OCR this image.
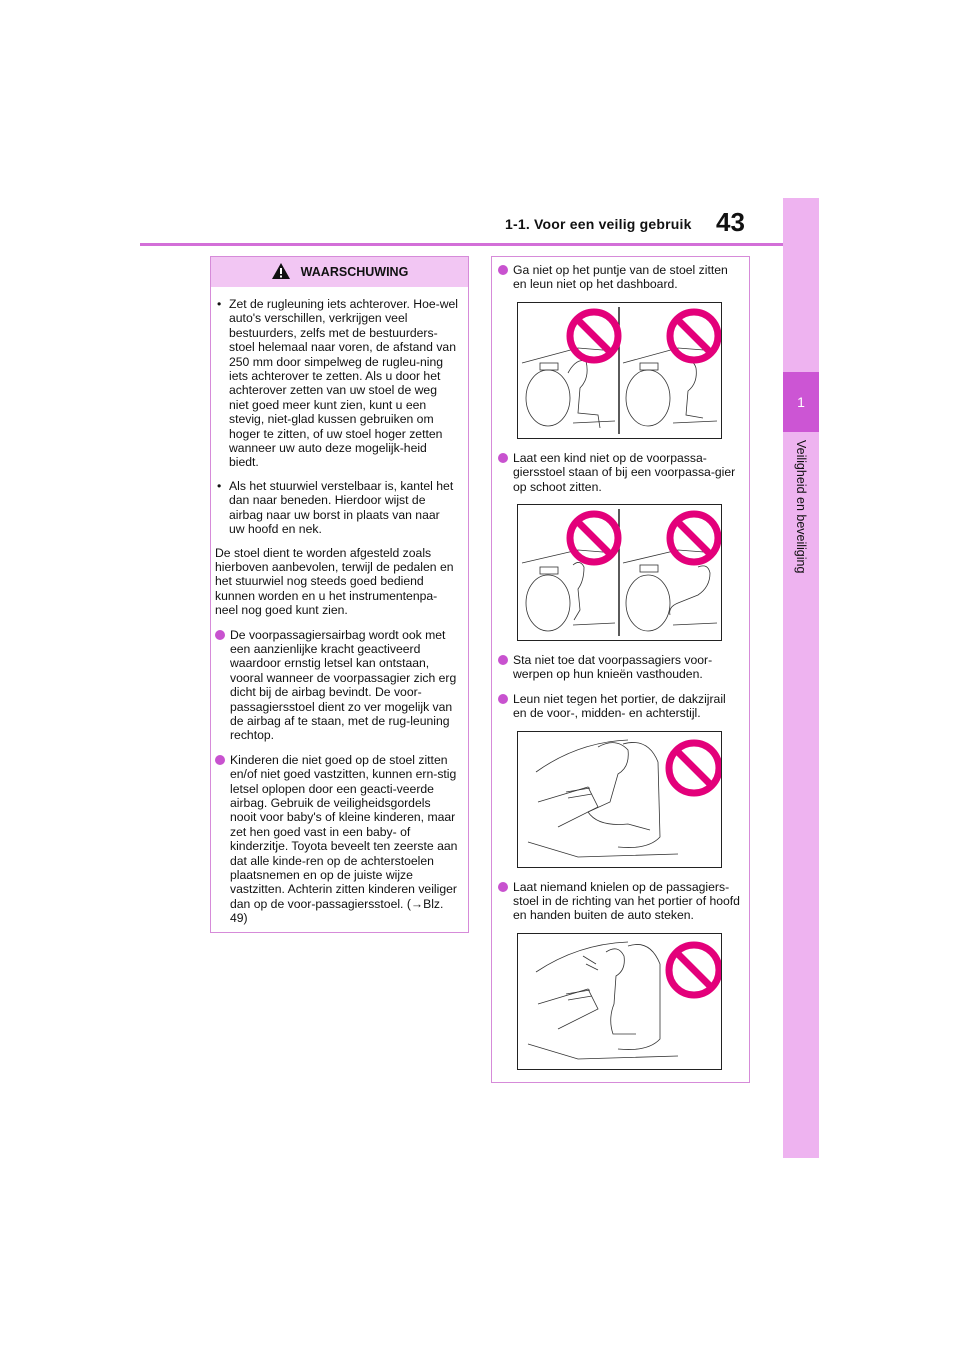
1-1. Voor een veilig gebruik 43
1
Veiligheid en beveiliging
WAARSCHUWING
• Zet de rugleuning iets achterover. Hoe-wel auto's verschillen, verkrijgen veel bestuurders, zelfs met de bestuurders-stoel helemaal naar voren, de afstand van 250 mm door simpelweg de rugleu-ning iets achterover te zetten. Als u door het achterover zetten van uw stoel de weg niet goed meer kunt zien, kunt u een stevig, niet-glad kussen gebruiken om hoger te zitten, of uw stoel hoger zetten wanneer uw auto deze mogelijk-heid biedt.
• Als het stuurwiel verstelbaar is, kantel het dan naar beneden. Hierdoor wijst de airbag naar uw borst in plaats van naar uw hoofd en nek.

De stoel dient te worden afgesteld zoals hierboven aanbevolen, terwijl de pedalen en het stuurwiel nog steeds goed bediend kunnen worden en u het instrumentenpa-neel nog goed kunt zien.

De voorpassagiersairbag wordt ook met een aanzienlijke kracht geactiveerd waardoor ernstig letsel kan ontstaan, vooral wanneer de voorpassagier zich erg dicht bij de airbag bevindt. De voor-passagiersstoel dient zo ver mogelijk van de airbag af te staan, met de rug-leuning rechtop.
Kinderen die niet goed op de stoel zitten en/of niet goed vastzitten, kunnen ern-stig letsel oplopen door een geacti-veerde airbag. Gebruik de veiligheidsgordels nooit voor baby's of kleine kinderen, maar zet hen goed vast in een baby- of kinderzitje. Toyota beveelt ten zeerste aan dat alle kinde-ren op de achterstoelen plaatsnemen en op de juiste wijze vastzitten. Achterin zitten kinderen veiliger dan op de voor-passagiersstoel. (→Blz. 49)
Ga niet op het puntje van de stoel zitten en leun niet op het dashboard.
Laat een kind niet op de voorpassa-giersstoel staan of bij een voorpassa-gier op schoot zitten.
Sta niet toe dat voorpassagiers voor-werpen op hun knieën vasthouden.
Leun niet tegen het portier, de dakzijrail en de voor-, midden- en achterstijl.
Laat niemand knielen op de passagiers-stoel in de richting van het portier of hoofd en handen buiten de auto steken.
